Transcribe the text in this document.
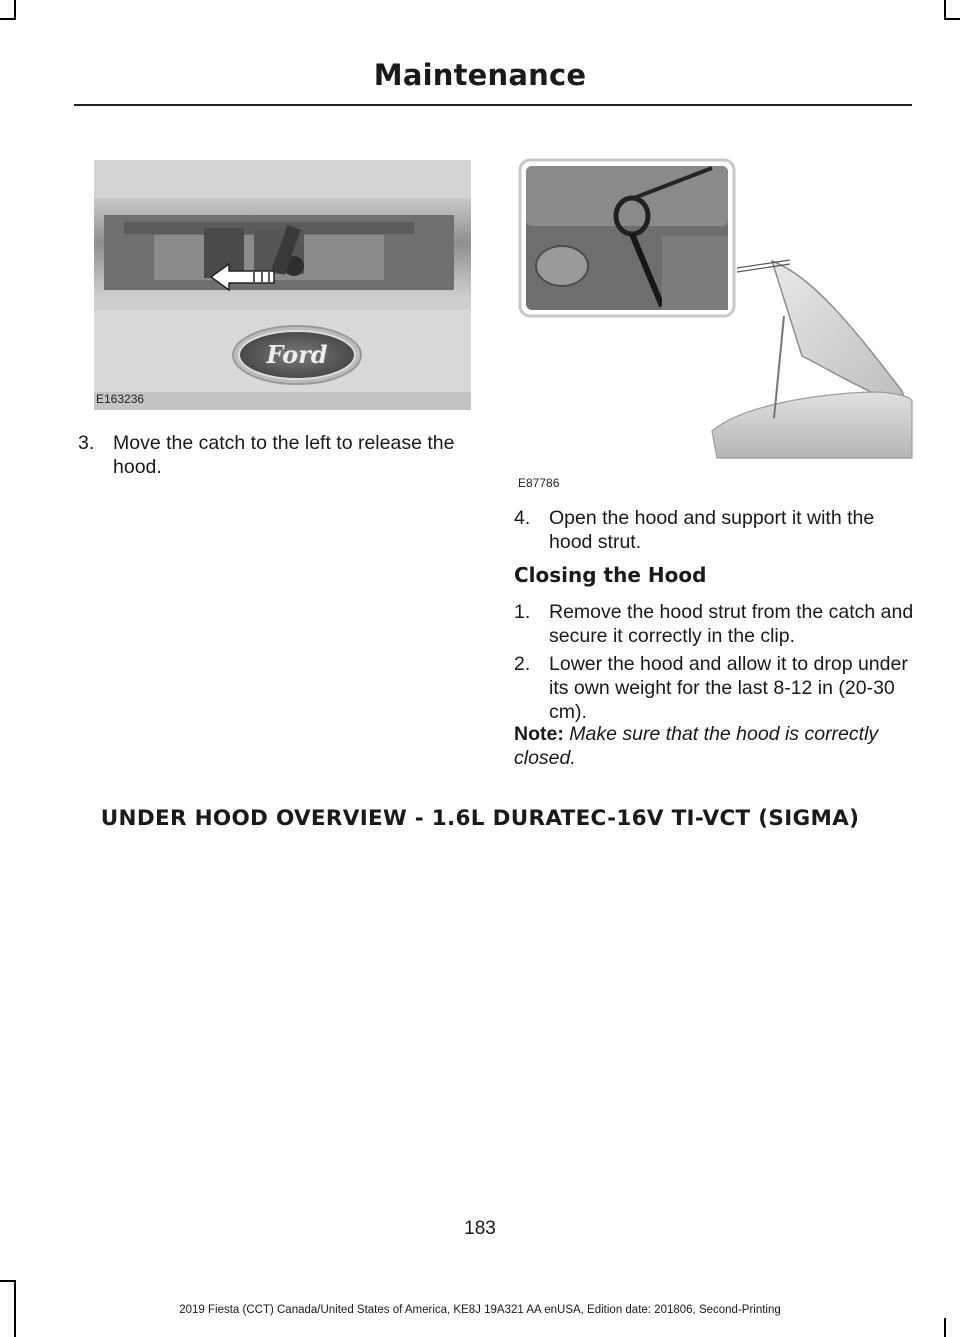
Maintenance
Ford
E163236
E87786
3. Move the catch to the left to release the hood.
4. Open the hood and support it with the hood strut.
Closing the Hood
1. Remove the hood strut from the catch and secure it correctly in the clip.
2. Lower the hood and allow it to drop under its own weight for the last 8-12 in (20-30 cm).
Note: Make sure that the hood is correctly closed.
UNDER HOOD OVERVIEW - 1.6L DURATEC-16V TI-VCT (SIGMA)
183
2019 Fiesta (CCT) Canada/United States of America, KE8J 19A321 AA enUSA, Edition date: 201806, Second-Printing
